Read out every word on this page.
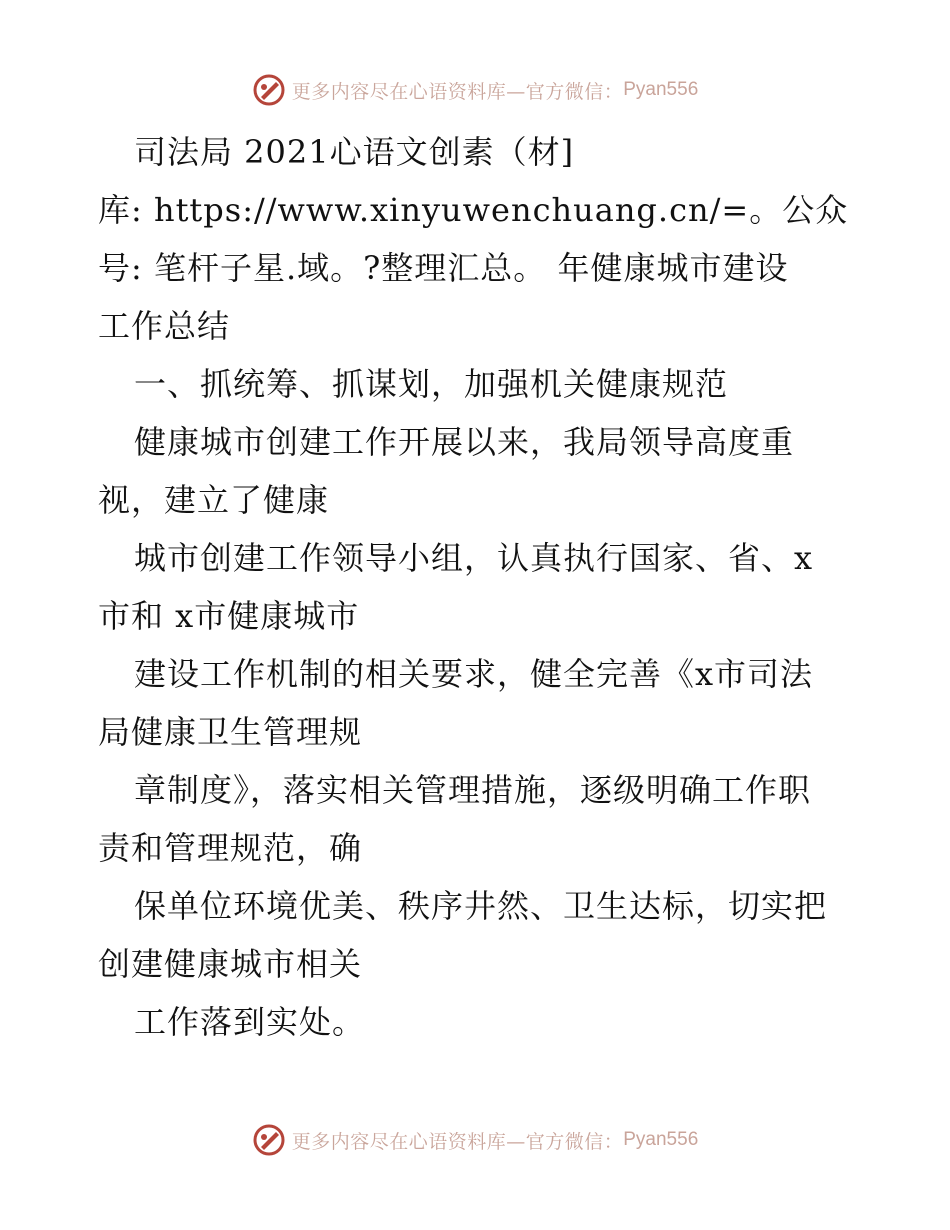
更多内容尽在心语资料库—官方微信： Pyan556
司法局 2021心语文创素（材]
库: https://www.xinyuwenchuang.cn/=。公众
号: 笔杆子星.域。?整理汇总。 年健康城市建设
工作总结
一、抓统筹、抓谋划，加强机关健康规范
健康城市创建工作开展以来，我局领导高度重
视，建立了健康
城市创建工作领导小组，认真执行国家、省、x
市和 x市健康城市
建设工作机制的相关要求，健全完善《x市司法
局健康卫生管理规
章制度》，落实相关管理措施，逐级明确工作职
责和管理规范，确
保单位环境优美、秩序井然、卫生达标，切实把
创建健康城市相关
工作落到实处。
更多内容尽在心语资料库—官方微信： Pyan556
